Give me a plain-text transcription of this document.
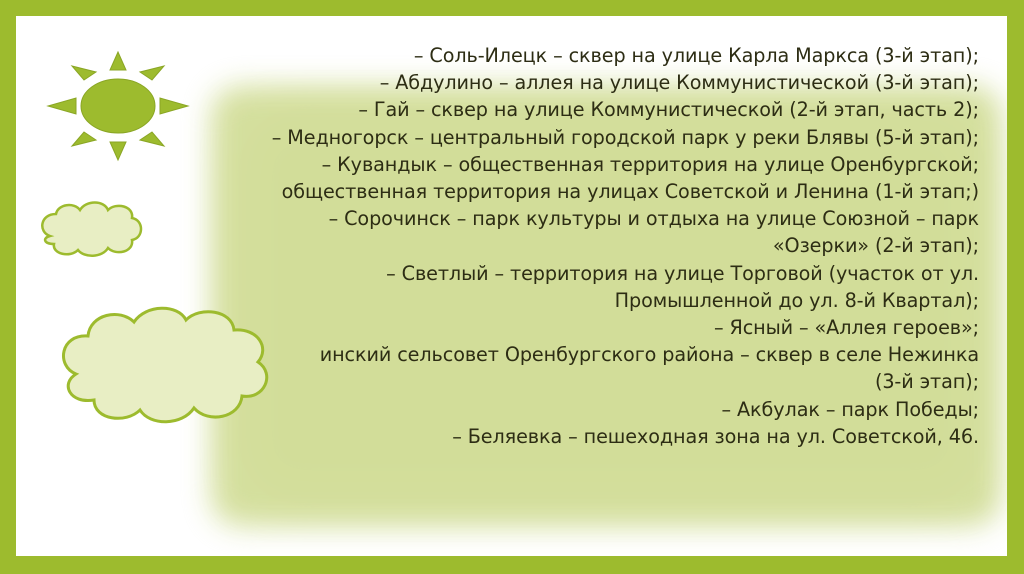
– Соль-Илецк – сквер на улице Карла Маркса (3-й этап);
– Абдулино – аллея на улице Коммунистической (3-й этап);
– Гай – сквер на улице Коммунистической (2-й этап, часть 2);
– Медногорск – центральный городской парк у реки Блявы (5-й этап);
– Кувандык – общественная территория на улице Оренбургской;
общественная территория на улицах Советской и Ленина (1-й этап;)
– Сорочинск – парк культуры и отдыха на улице Союзной – парк
«Озерки» (2-й этап);
– Светлый – территория на улице Торговой (участок от ул.
Промышленной до ул. 8-й Квартал);
– Ясный – «Аллея героев»;
инский сельсовет Оренбургского района – сквер в селе Нежинка
(3-й этап);
– Акбулак – парк Победы;
– Беляевка – пешеходная зона на ул. Советской, 46.
